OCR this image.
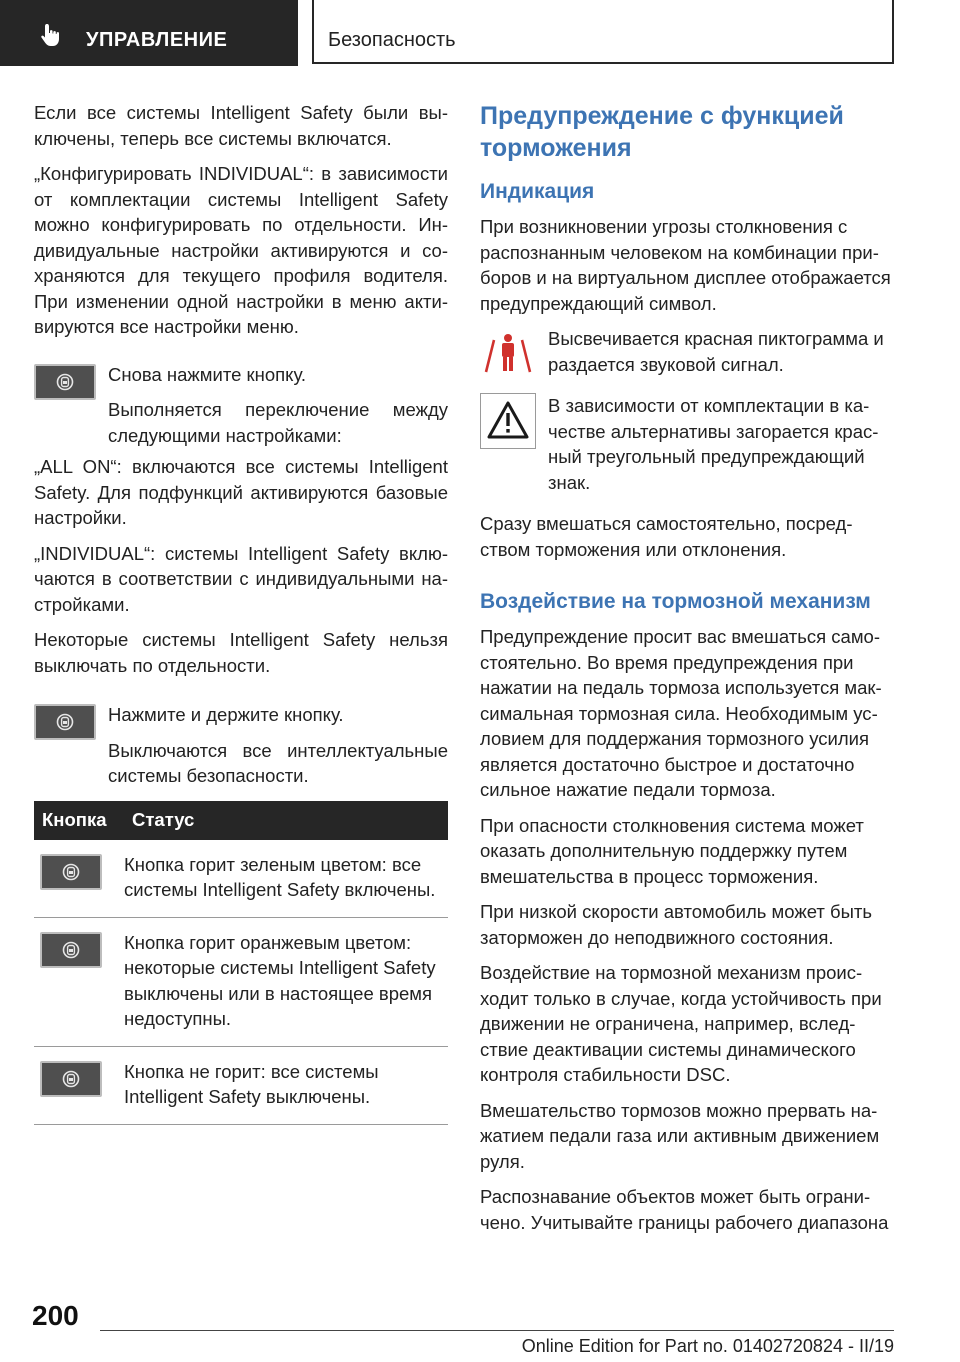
УПРАВЛЕНИЕ	Безопасность

Если все системы Intelligent Safety были выключены, теперь все системы включатся.

„Конфигурировать INDIVIDUAL“: в зависимости от комплектации системы Intelligent Safety можно конфигурировать по отдельности. Индивидуальные настройки активируются и сохраняются для текущего профиля водителя. При изменении одной настройки в меню активируются все настройки меню.

Снова нажмите кнопку.

Выполняется переключение между следующими настройками:

„ALL ON“: включаются все системы Intelligent Safety. Для подфункций активируются базовые настройки.

„INDIVIDUAL“: системы Intelligent Safety включаются в соответствии с индивидуальными настройками.

Некоторые системы Intelligent Safety нельзя выключать по отдельности.

Нажмите и держите кнопку.

Выключаются все интеллектуальные системы безопасности.

Кнопка	Статус

	Кнопка горит зеленым цветом: все системы Intelligent Safety включены.

	Кнопка горит оранжевым цветом: некоторые системы Intelligent Safety выключены или в настоящее время недоступны.

	Кнопка не горит: все системы Intelligent Safety выключены.
Предупреждение с функцией торможения
Индикация

При возникновении угрозы столкновения с распознанным человеком на комбинации приборов и на виртуальном дисплее отображается предупреждающий символ.

Высвечивается красная пиктограмма и раздается звуковой сигнал.

В зависимости от комплектации в качестве альтернативы загорается красный треугольный предупреждающий знак.

Сразу вмешаться самостоятельно, посредством торможения или отклонения.

Воздействие на тормозной механизм

Предупреждение просит вас вмешаться самостоятельно. Во время предупреждения при нажатии на педаль тормоза используется максимальная тормозная сила. Необходимым условием для поддержания тормозного усилия является достаточно быстрое и достаточно сильное нажатие педали тормоза.

При опасности столкновения система может оказать дополнительную поддержку путем вмешательства в процесс торможения.

При низкой скорости автомобиль может быть заторможен до неподвижного состояния.

Воздействие на тормозной механизм происходит только в случае, когда устойчивость при движении не ограничена, например, вследствие деактивации системы динамического контроля стабильности DSC.

Вмешательство тормозов можно прервать нажатием педали газа или активным движением руля.

Распознавание объектов может быть ограничено. Учитывайте границы рабочего диапазона

200
Online Edition for Part no. 01402720824 - II/19
